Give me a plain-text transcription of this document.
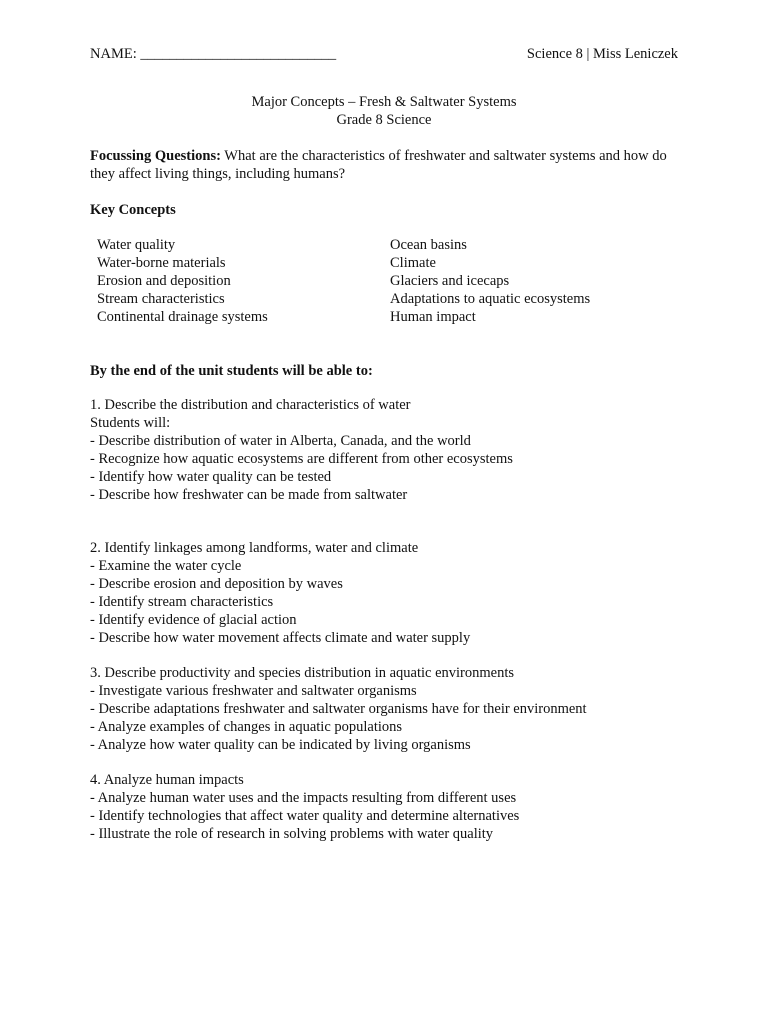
NAME: ___________________________	Science 8 | Miss Leniczek
Major Concepts – Fresh & Saltwater Systems
Grade 8 Science
Focussing Questions: What are the characteristics of freshwater and saltwater systems and how do they affect living things, including humans?
Key Concepts
Water quality
Water-borne materials
Erosion and deposition
Stream characteristics
Continental drainage systems
Ocean basins
Climate
Glaciers and icecaps
Adaptations to aquatic ecosystems
Human impact
By the end of the unit students will be able to:
1. Describe the distribution and characteristics of water
Students will:
- Describe distribution of water in Alberta, Canada, and the world
- Recognize how aquatic ecosystems are different from other ecosystems
- Identify how water quality can be tested
- Describe how freshwater can be made from saltwater
2. Identify linkages among landforms, water and climate
- Examine the water cycle
- Describe erosion and deposition by waves
- Identify stream characteristics
- Identify evidence of glacial action
- Describe how water movement affects climate and water supply
3. Describe productivity and species distribution in aquatic environments
- Investigate various freshwater and saltwater organisms
- Describe adaptations freshwater and saltwater organisms have for their environment
- Analyze examples of changes in aquatic populations
- Analyze how water quality can be indicated by living organisms
4. Analyze human impacts
- Analyze human water uses and the impacts resulting from different uses
- Identify technologies that affect water quality and determine alternatives
- Illustrate the role of research in solving problems with water quality
